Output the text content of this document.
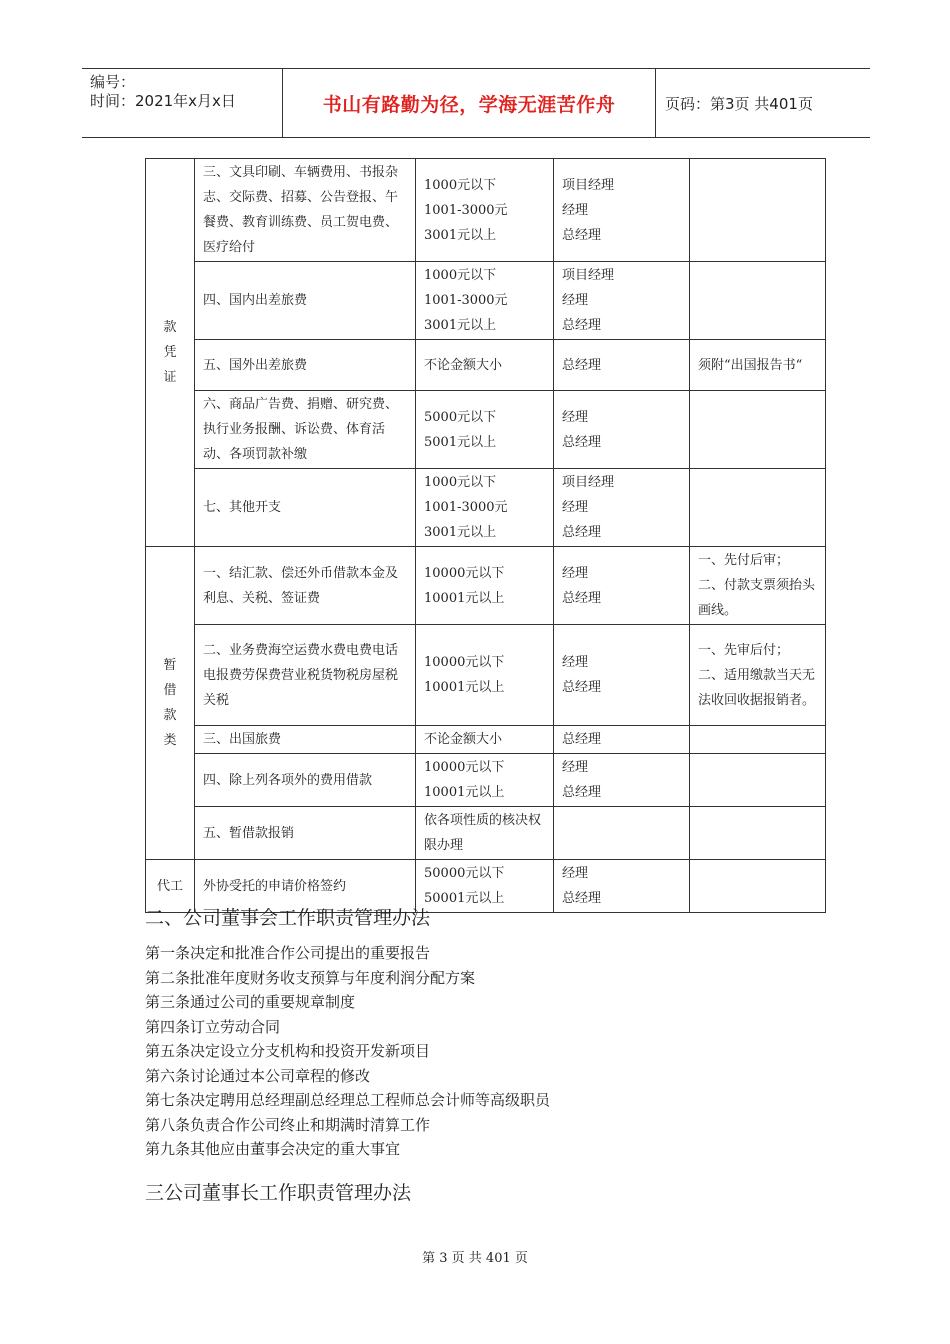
编号：
时间：2021年x月x日	书山有路勤为径，学海无涯苦作舟	页码：第3页 共401页
款
凭
证	三、文具印刷、车辆费用、书报杂志、交际费、招募、公告登报、午餐费、教育训练费、员工贺电费、医疗给付	1000元以下
1001-3000元
3001元以上	项目经理
经理
总经理	

	四、国内出差旅费	1000元以下
1001-3000元
3001元以上	项目经理
经理
总经理	

	五、国外出差旅费	不论金额大小	总经理	须附“出国报告书“

	六、商品广告费、捐赠、研究费、执行业务报酬、诉讼费、体育活动、各项罚款补缴	5000元以下
5001元以上	经理
总经理	

	七、其他开支	1000元以下
1001-3000元
3001元以上	项目经理
经理
总经理	

暂
借
款
类	一、结汇款、偿还外币借款本金及利息、关税、签证费	10000元以下
10001元以上	经理
总经理	一、先付后审；
二、付款支票须抬头画线。

	二、业务费海空运费水费电费电话电报费劳保费营业税货物税房屋税关税	10000元以下
10001元以上	经理
总经理	一、先审后付；
二、适用缴款当天无法收回收据报销者。

	三、出国旅费	不论金额大小	总经理	

	四、除上列各项外的费用借款	10000元以下
10001元以上	经理
总经理	

	五、暂借款报销	依各项性质的核决权限办理		

代工	外协受托的申请价格签约	50000元以下
50001元以上	经理
总经理	

二、公司董事会工作职责管理办法
第一条决定和批准合作公司提出的重要报告
第二条批准年度财务收支预算与年度利润分配方案
第三条通过公司的重要规章制度
第四条订立劳动合同
第五条决定设立分支机构和投资开发新项目
第六条讨论通过本公司章程的修改
第七条决定聘用总经理副总经理总工程师总会计师等高级职员
第八条负责合作公司终止和期满时清算工作
第九条其他应由董事会决定的重大事宜
三公司董事长工作职责管理办法
第 3 页 共 401 页
